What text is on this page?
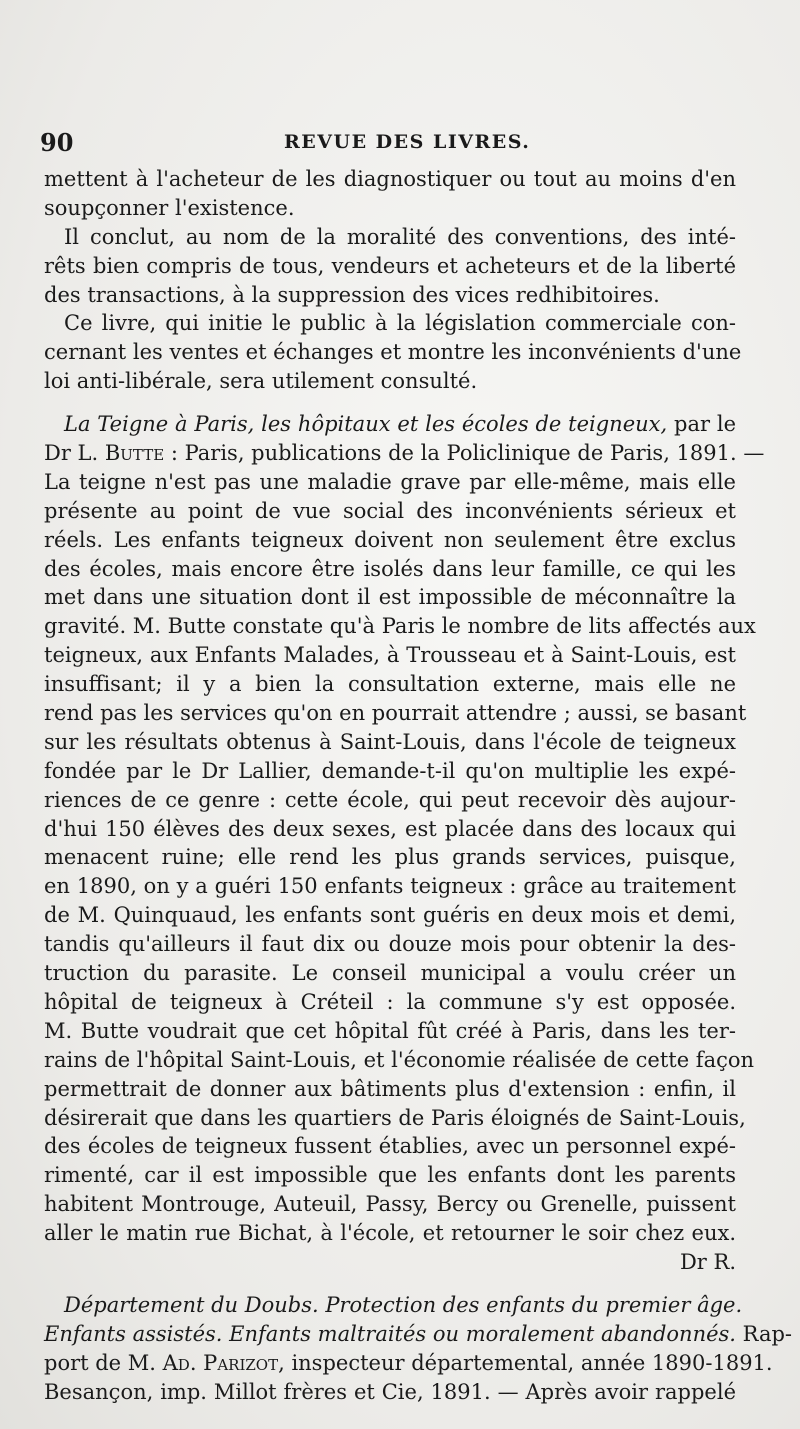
90	REVUE DES LIVRES.
mettent à l'acheteur de les diagnostiquer ou tout au moins d'en
soupçonner l'existence.
Il conclut, au nom de la moralité des conventions, des inté-
rêts bien compris de tous, vendeurs et acheteurs et de la liberté
des transactions, à la suppression des vices redhibitoires.
Ce livre, qui initie le public à la législation commerciale con-
cernant les ventes et échanges et montre les inconvénients d'une
loi anti-libérale, sera utilement consulté.
La Teigne à Paris, les hôpitaux et les écoles de teigneux, par le
Dr L. Butte : Paris, publications de la Policlinique de Paris, 1891. —
La teigne n'est pas une maladie grave par elle-même, mais elle
présente au point de vue social des inconvénients sérieux et
réels. Les enfants teigneux doivent non seulement être exclus
des écoles, mais encore être isolés dans leur famille, ce qui les
met dans une situation dont il est impossible de méconnaître la
gravité. M. Butte constate qu'à Paris le nombre de lits affectés aux
teigneux, aux Enfants Malades, à Trousseau et à Saint-Louis, est
insuffisant; il y a bien la consultation externe, mais elle ne
rend pas les services qu'on en pourrait attendre ; aussi, se basant
sur les résultats obtenus à Saint-Louis, dans l'école de teigneux
fondée par le Dr Lallier, demande-t-il qu'on multiplie les expé-
riences de ce genre : cette école, qui peut recevoir dès aujour-
d'hui 150 élèves des deux sexes, est placée dans des locaux qui
menacent ruine; elle rend les plus grands services, puisque,
en 1890, on y a guéri 150 enfants teigneux : grâce au traitement
de M. Quinquaud, les enfants sont guéris en deux mois et demi,
tandis qu'ailleurs il faut dix ou douze mois pour obtenir la des-
truction du parasite. Le conseil municipal a voulu créer un
hôpital de teigneux à Créteil : la commune s'y est opposée.
M. Butte voudrait que cet hôpital fût créé à Paris, dans les ter-
rains de l'hôpital Saint-Louis, et l'économie réalisée de cette façon
permettrait de donner aux bâtiments plus d'extension : enfin, il
désirerait que dans les quartiers de Paris éloignés de Saint-Louis,
des écoles de teigneux fussent établies, avec un personnel expé-
rimenté, car il est impossible que les enfants dont les parents
habitent Montrouge, Auteuil, Passy, Bercy ou Grenelle, puissent
aller le matin rue Bichat, à l'école, et retourner le soir chez eux.
Dr R.
Département du Doubs. Protection des enfants du premier âge.
Enfants assistés. Enfants maltraités ou moralement abandonnés. Rap-
port de M. Ad. Parizot, inspecteur départemental, année 1890-1891.
Besançon, imp. Millot frères et Cie, 1891. — Après avoir rappelé
